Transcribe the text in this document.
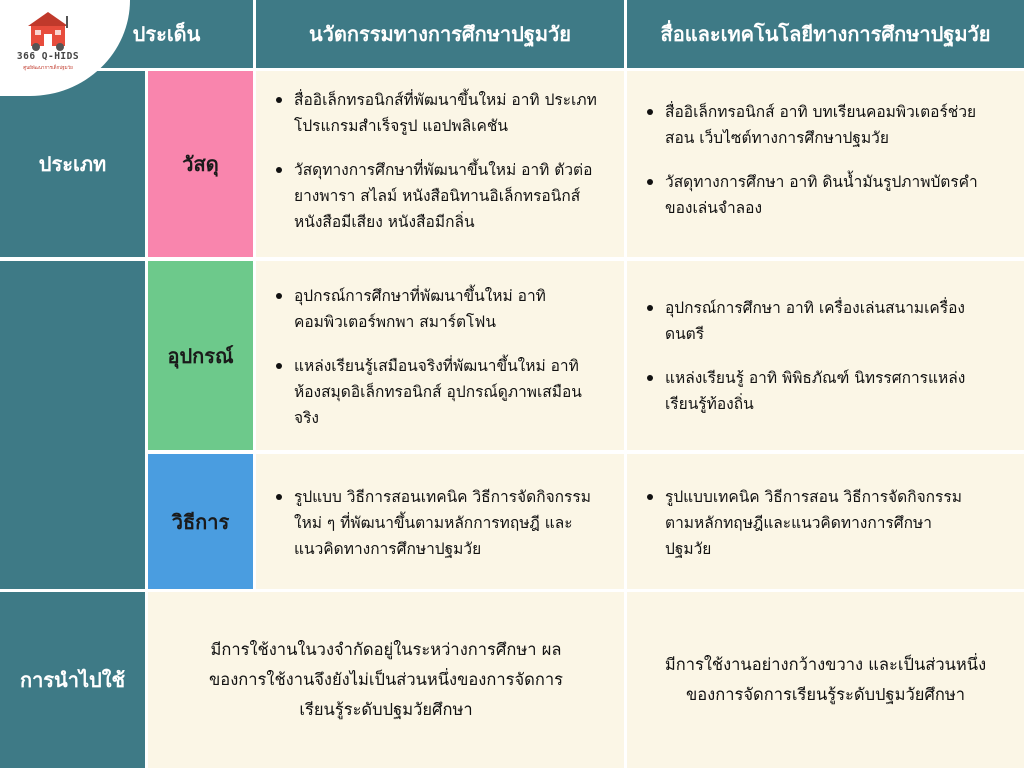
366 Q-HIDS
ศูนย์พัฒนาการเด็กปฐมวัย
ประเด็น	นวัตกรรมทางการศึกษาปฐมวัย	สื่อและเทคโนโลยีทางการศึกษาปฐมวัย
ประเภท
การนำไปใช้
วัสดุ
อุปกรณ์
วิธีการ
สื่ออิเล็กทรอนิกส์ที่พัฒนาขึ้นใหม่ อาทิ ประเภทโปรแกรมสำเร็จรูป แอปพลิเคชัน
วัสดุทางการศึกษาที่พัฒนาขึ้นใหม่ อาทิ ตัวต่อยางพารา สไลม์ หนังสือนิทานอิเล็กทรอนิกส์ หนังสือมีเสียง หนังสือมีกลิ่น
สื่ออิเล็กทรอนิกส์ อาทิ บทเรียนคอมพิวเตอร์ช่วยสอน เว็บไซต์ทางการศึกษาปฐมวัย
วัสดุทางการศึกษา อาทิ ดินน้ำมันรูปภาพบัตรคำ ของเล่นจำลอง
อุปกรณ์การศึกษาที่พัฒนาขึ้นใหม่ อาทิ คอมพิวเตอร์พกพา สมาร์ตโฟน
แหล่งเรียนรู้เสมือนจริงที่พัฒนาขึ้นใหม่ อาทิ ห้องสมุดอิเล็กทรอนิกส์ อุปกรณ์ดูภาพเสมือนจริง
อุปกรณ์การศึกษา อาทิ เครื่องเล่นสนามเครื่องดนตรี
แหล่งเรียนรู้ อาทิ พิพิธภัณฑ์ นิทรรศการแหล่งเรียนรู้ท้องถิ่น
รูปแบบ วิธีการสอนเทคนิค วิธีการจัดกิจกรรมใหม่ ๆ ที่พัฒนาขึ้นตามหลักการทฤษฎี และแนวคิดทางการศึกษาปฐมวัย
รูปแบบเทคนิค วิธีการสอน วิธีการจัดกิจกรรมตามหลักทฤษฎีและแนวคิดทางการศึกษาปฐมวัย
มีการใช้งานในวงจำกัดอยู่ในระหว่างการศึกษา ผลของการใช้งานจึงยังไม่เป็นส่วนหนึ่งของการจัดการเรียนรู้ระดับปฐมวัยศึกษา
มีการใช้งานอย่างกว้างขวาง และเป็นส่วนหนึ่งของการจัดการเรียนรู้ระดับปฐมวัยศึกษา
